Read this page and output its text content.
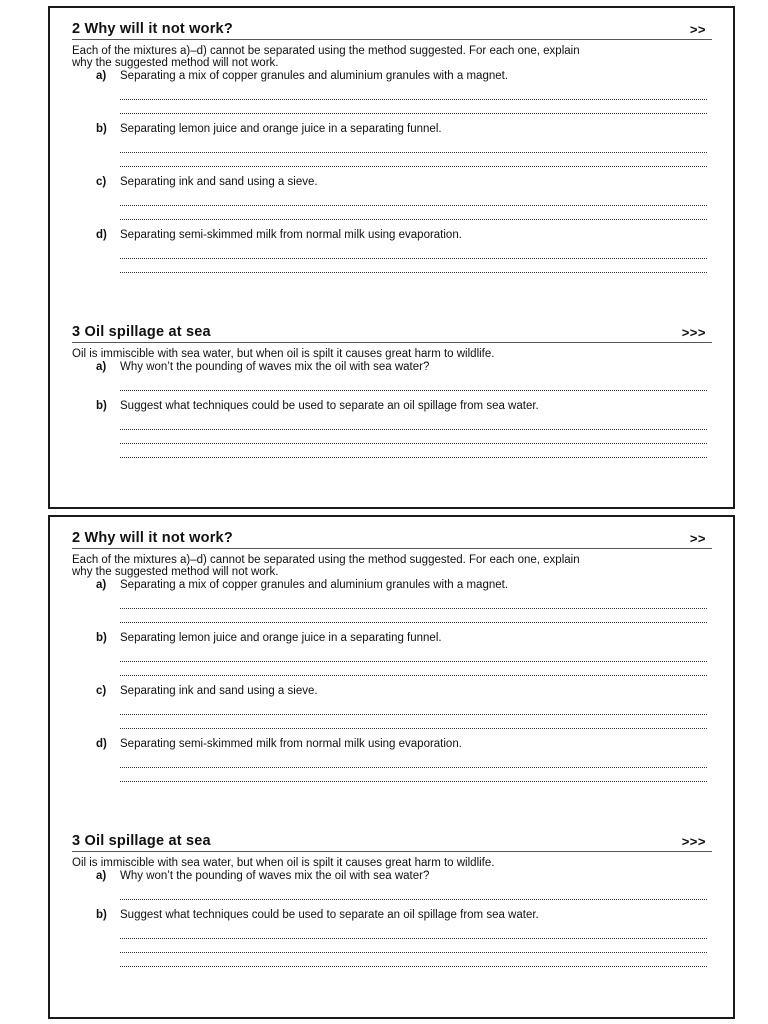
2 Why will it not work?	>>
Each of the mixtures a)–d) cannot be separated using the method suggested. For each one, explain
why the suggested method will not work.
a) Separating a mix of copper granules and aluminium granules with a magnet.
b) Separating lemon juice and orange juice in a separating funnel.
c) Separating ink and sand using a sieve.
d) Separating semi-skimmed milk from normal milk using evaporation.
3 Oil spillage at sea	>>>
Oil is immiscible with sea water, but when oil is spilt it causes great harm to wildlife.
a) Why won’t the pounding of waves mix the oil with sea water?
b) Suggest what techniques could be used to separate an oil spillage from sea water.
2 Why will it not work?	>>
Each of the mixtures a)–d) cannot be separated using the method suggested. For each one, explain
why the suggested method will not work.
a) Separating a mix of copper granules and aluminium granules with a magnet.
b) Separating lemon juice and orange juice in a separating funnel.
c) Separating ink and sand using a sieve.
d) Separating semi-skimmed milk from normal milk using evaporation.
3 Oil spillage at sea	>>>
Oil is immiscible with sea water, but when oil is spilt it causes great harm to wildlife.
a) Why won’t the pounding of waves mix the oil with sea water?
b) Suggest what techniques could be used to separate an oil spillage from sea water.
